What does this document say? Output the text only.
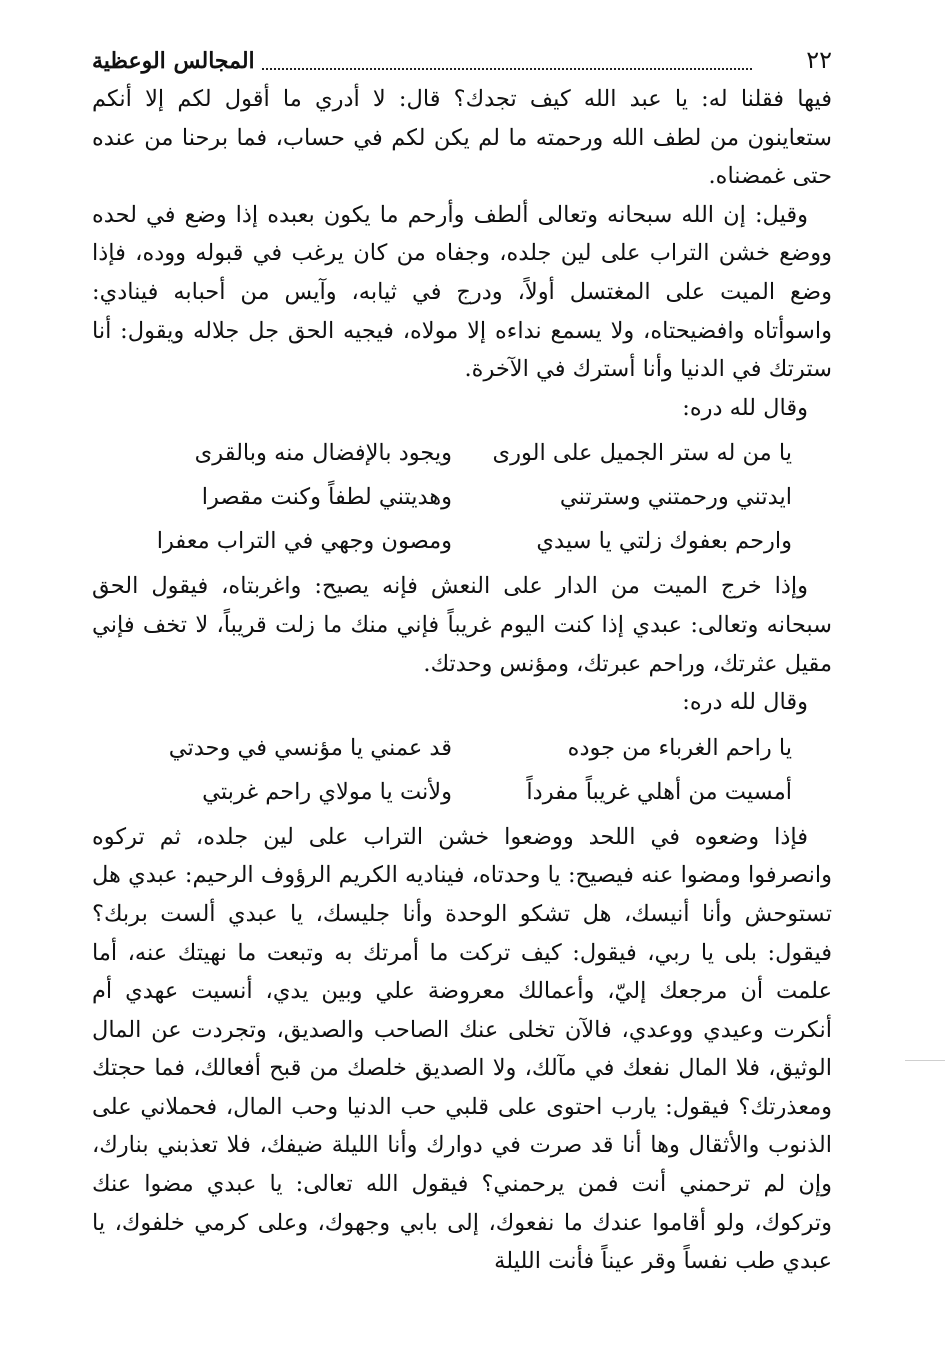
٢٢
المجالس الوعظية

فيها فقلنا له: يا عبد الله كيف تجدك؟ قال: لا أدري ما أقول لكم إلا أنكم ستعاينون من لطف الله ورحمته ما لم يكن لكم في حساب، فما برحنا من عنده حتى غمضناه.

وقيل: إن الله سبحانه وتعالى ألطف وأرحم ما يكون بعبده إذا وضع في لحده ووضع خشن التراب على لين جلده، وجفاه من كان يرغب في قبوله ووده، فإذا وضع الميت على المغتسل أولاً، ودرج في ثيابه، وآيس من أحبابه فينادي: واسوأتاه وافضيحتاه، ولا يسمع نداءه إلا مولاه، فيجيه الحق جل جلاله ويقول: أنا سترتك في الدنيا وأنا أسترك في الآخرة.

وقال لله دره:

يا من له ستر الجميل على الورى
ويجود بالإفضال منه وبالقرى
ايدتني ورحمتني وسترتني
وهديتني لطفاً وكنت مقصرا
وارحم بعفوك زلتي يا سيدي
ومصون وجهي في التراب معفرا

وإذا خرج الميت من الدار على النعش فإنه يصيح: واغربتاه، فيقول الحق سبحانه وتعالى: عبدي إذا كنت اليوم غريباً فإني منك ما زلت قريباً، لا تخف فإني مقيل عثرتك، وراحم عبرتك، ومؤنس وحدتك.

وقال لله دره:

يا راحم الغرباء من جوده
قد عمني يا مؤنسي في وحدتي
أمسيت من أهلي غريباً مفرداً
ولأنت يا مولاي راحم غربتي

فإذا وضعوه في اللحد ووضعوا خشن التراب على لين جلده، ثم تركوه وانصرفوا ومضوا عنه فيصيح: يا وحدتاه، فيناديه الكريم الرؤوف الرحيم: عبدي هل تستوحش وأنا أنيسك، هل تشكو الوحدة وأنا جليسك، يا عبدي ألست بربك؟ فيقول: بلى يا ربي، فيقول: كيف تركت ما أمرتك به وتبعت ما نهيتك عنه، أما علمت أن مرجعك إليّ، وأعمالك معروضة علي وبين يدي، أنسيت عهدي أم أنكرت وعيدي ووعدي، فالآن تخلى عنك الصاحب والصديق، وتجردت عن المال الوثيق، فلا المال نفعك في مآلك، ولا الصديق خلصك من قبح أفعالك، فما حجتك ومعذرتك؟ فيقول: يارب احتوى على قلبي حب الدنيا وحب المال، فحملاني على الذنوب والأثقال وها أنا قد صرت في دوارك وأنا الليلة ضيفك، فلا تعذبني بنارك، وإن لم ترحمني أنت فمن يرحمني؟ فيقول الله تعالى: يا عبدي مضوا عنك وتركوك، ولو أقاموا عندك ما نفعوك، إلى بابي وجهوك، وعلى كرمي خلفوك، يا عبدي طب نفساً وقر عيناً فأنت الليلة
